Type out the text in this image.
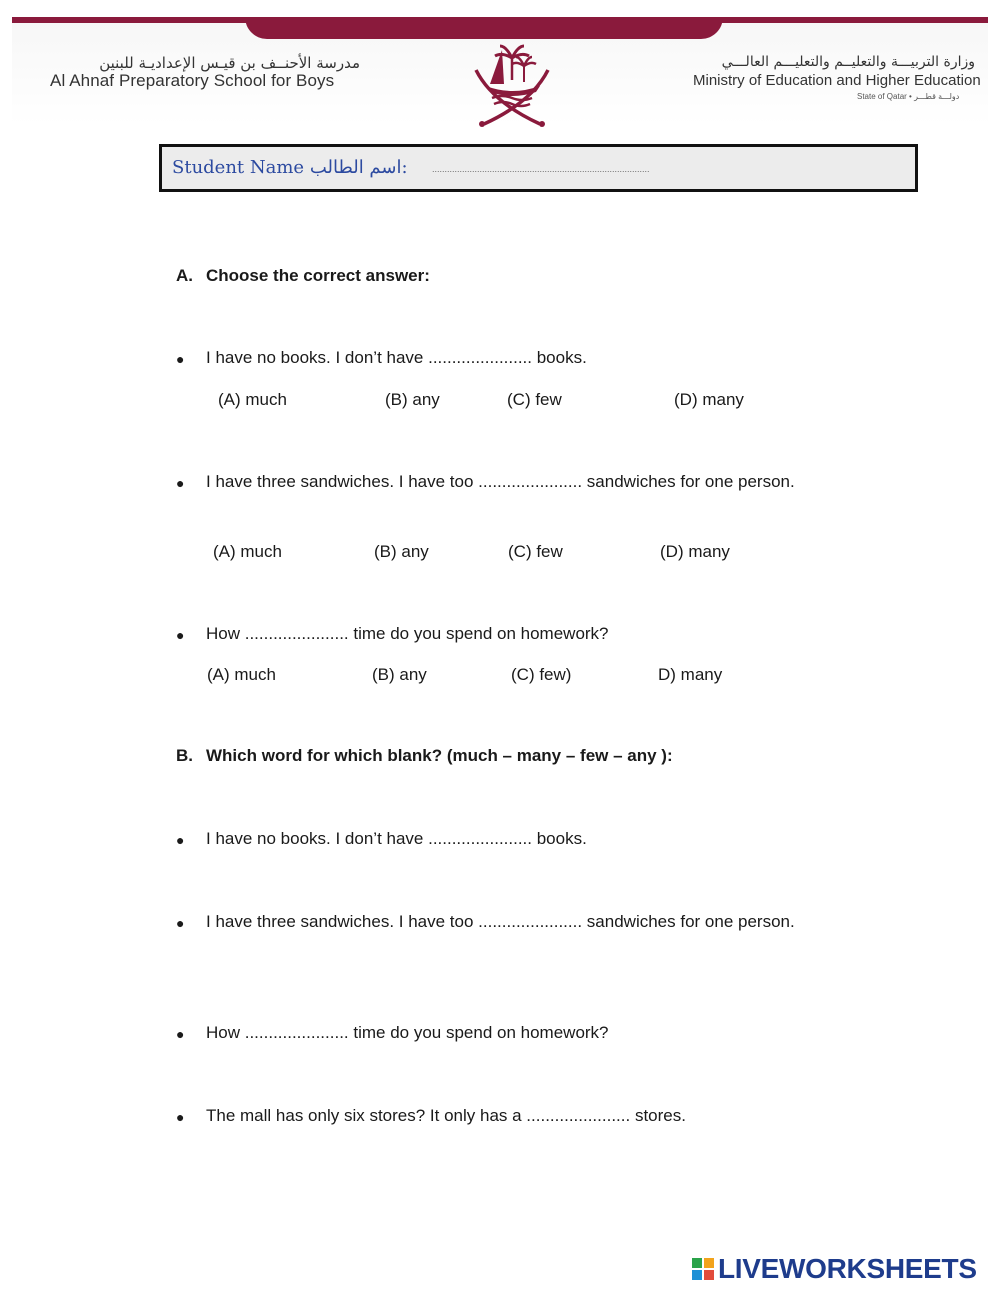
مدرسة الأحنــف بن قيـس الإعداديـة للبنين
Al Ahnaf Preparatory School for Boys
وزارة التربيـــة والتعليــم والتعليـــم العالـــي
Ministry of Education and Higher Education
State of Qatar • دولـــة قطـــر
Student Name اسم الطالب:	.......................................................................................
A. Choose the correct answer:
● I have no books. I don’t have ...................... books.
(A) much	(B) any	(C) few	(D) many
● I have three sandwiches. I have too ...................... sandwiches for one person.
(A) much	(B) any	(C) few	(D) many
● How ...................... time do you spend on homework?
(A) much	(B) any	(C) few)	D) many
B. Which word for which blank? (much – many – few – any ):
● I have no books. I don’t have ...................... books.
● I have three sandwiches. I have too ...................... sandwiches for one person.
● How ...................... time do you spend on homework?
● The mall has only six stores? It only has a ...................... stores.
LIVEWORKSHEETS
